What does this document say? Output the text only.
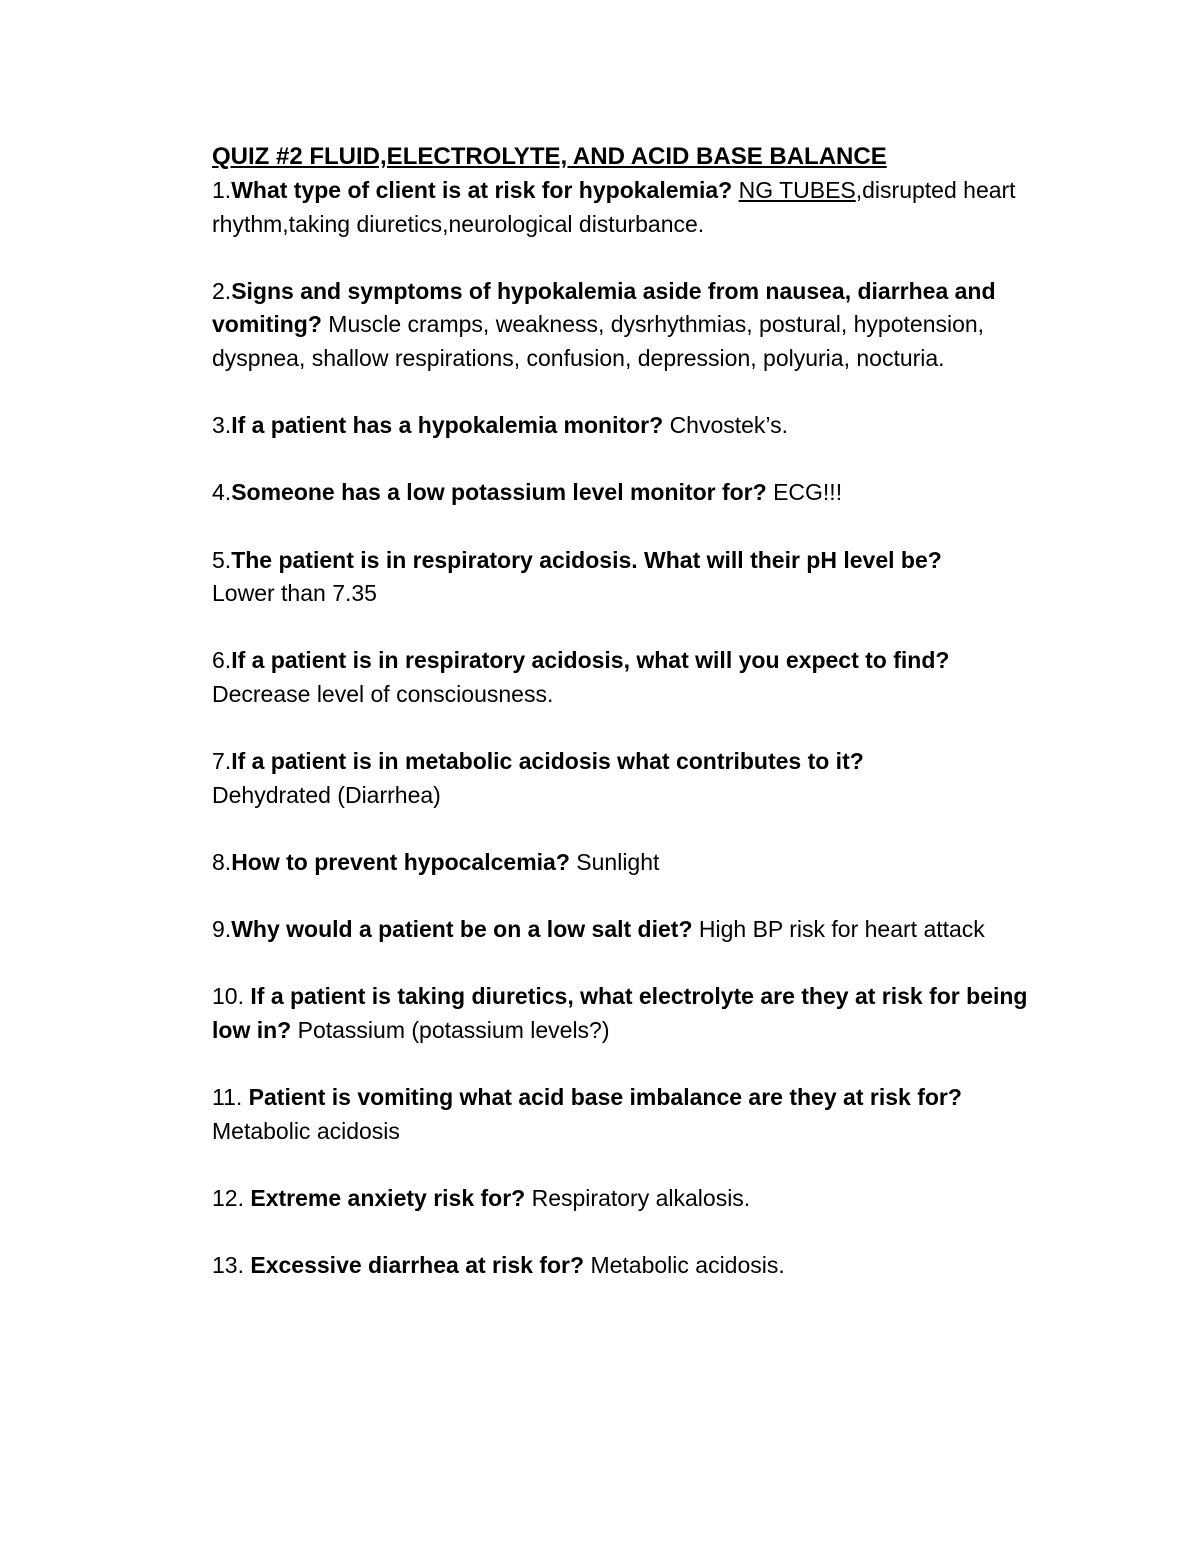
QUIZ #2 FLUID,ELECTROLYTE, AND ACID BASE BALANCE

1.What type of client is at risk for hypokalemia? NG TUBES,disrupted heart rhythm,taking diuretics,neurological disturbance.

2.Signs and symptoms of hypokalemia aside from nausea, diarrhea and vomiting? Muscle cramps, weakness, dysrhythmias, postural, hypotension, dyspnea, shallow respirations, confusion, depression, polyuria, nocturia.

3.If a patient has a hypokalemia monitor? Chvostek’s.

4.Someone has a low potassium level monitor for? ECG!!!

5.The patient is in respiratory acidosis. What will their pH level be?
Lower than 7.35

6.If a patient is in respiratory acidosis, what will you expect to find?
Decrease level of consciousness.

7.If a patient is in metabolic acidosis what contributes to it?
Dehydrated (Diarrhea)

8.How to prevent hypocalcemia? Sunlight

9.Why would a patient be on a low salt diet? High BP risk for heart attack

10. If a patient is taking diuretics, what electrolyte are they at risk for being low in? Potassium (potassium levels?)

11. Patient is vomiting what acid base imbalance are they at risk for?
Metabolic acidosis

12. Extreme anxiety risk for? Respiratory alkalosis.

13. Excessive diarrhea at risk for? Metabolic acidosis.
